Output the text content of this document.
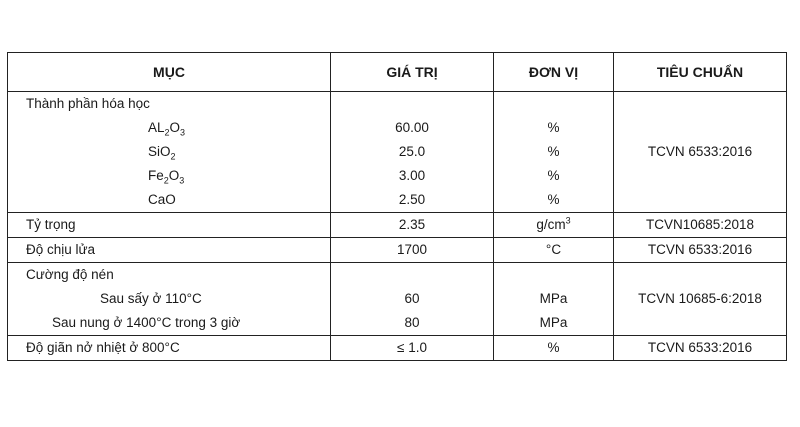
MỤC	GIÁ TRỊ	ĐƠN VỊ	TIÊU CHUẨN
Thành phần hóa học			TCVN 6533:2016
$AL_2O_3$	60.00	%	
SiO$_2$	25.0	%	
$Fe_2O_3$	3.00	%	
CaO	2.50	%	
Tỷ trọng	2.35	$g/cm^3$	TCVN10685:2018
Độ chịu lửa	1700	°C	TCVN 6533:2016
Cường độ nén			TCVN 10685-6:2018
Sau sấy ở 110°C	60	MPa	
Sau nung ở 1400°C trong 3 giờ	80	MPa	
Độ giãn nở nhiệt ở 800°C	≤ 1.0	%	TCVN 6533:2016
